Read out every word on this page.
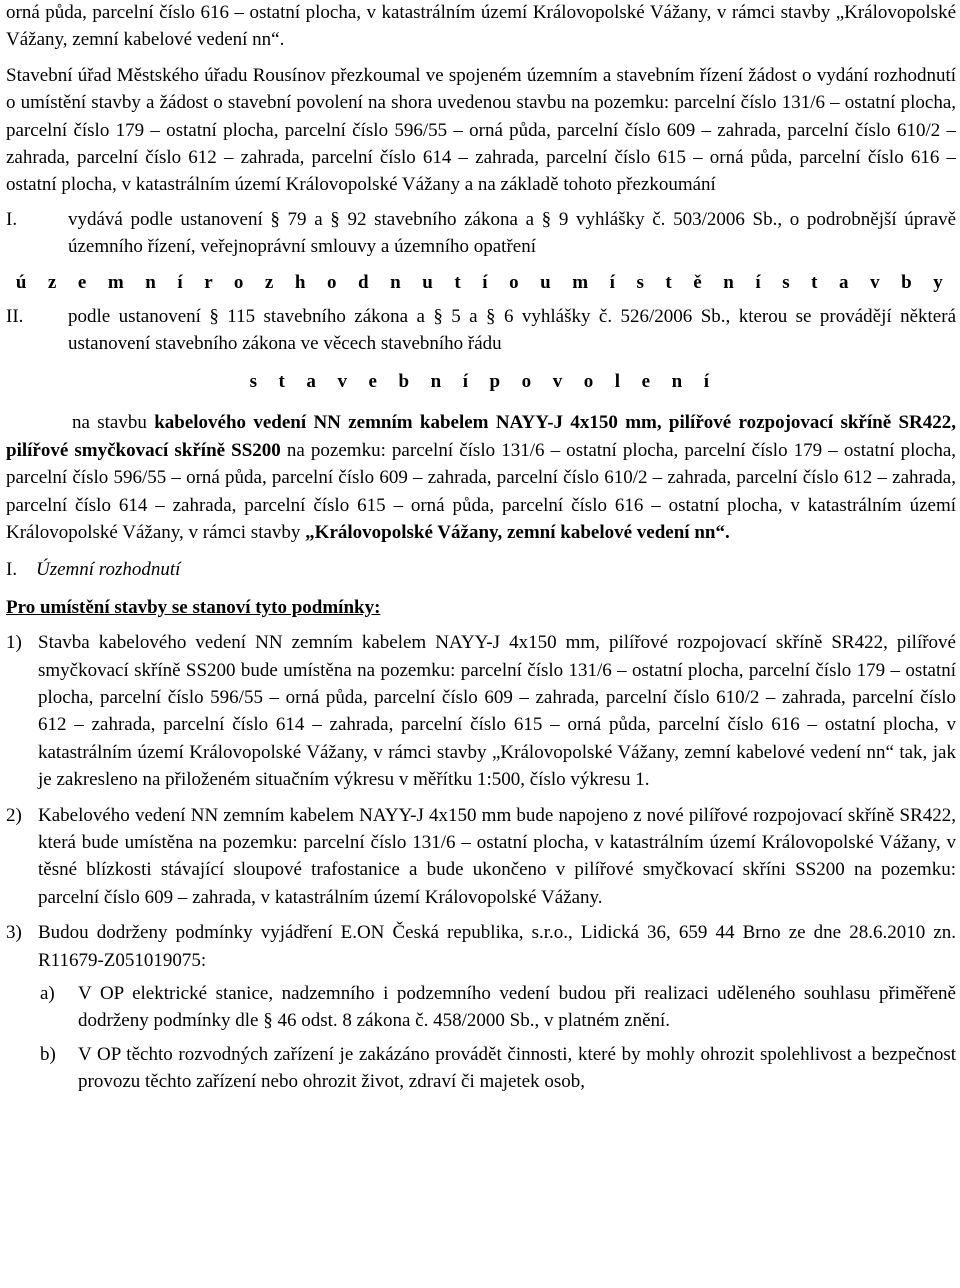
orná půda, parcelní číslo 616 – ostatní plocha, v katastrálním území Královopolské Vážany, v rámci stavby „Královopolské Vážany, zemní kabelové vedení nn“.

Stavební úřad Městského úřadu Rousínov přezkoumal ve spojeném územním a stavebním řízení žádost o vydání rozhodnutí o umístění stavby a žádost o stavební povolení na shora uvedenou stavbu na pozemku: parcelní číslo 131/6 – ostatní plocha, parcelní číslo 179 – ostatní plocha, parcelní číslo 596/55 – orná půda, parcelní číslo 609 – zahrada, parcelní číslo 610/2 – zahrada, parcelní číslo 612 – zahrada, parcelní číslo 614 – zahrada, parcelní číslo 615 – orná půda, parcelní číslo 616 – ostatní plocha, v katastrálním území Královopolské Vážany a na základě tohoto přezkoumání

I.	vydává podle ustanovení § 79 a § 92 stavebního zákona a § 9 vyhlášky č. 503/2006 Sb., o podrobnější úpravě územního řízení, veřejnoprávní smlouvy a územního opatření

ú z e m n í r o z h o d n u t í o u m í s t ě n í s t a v b y

II.	podle ustanovení § 115 stavebního zákona a § 5 a § 6 vyhlášky č. 526/2006 Sb., kterou se provádějí některá ustanovení stavebního zákona ve věcech stavebního řádu

s t a v e b n í p o v o l e n í

na stavbu kabelového vedení NN zemním kabelem NAYY-J 4x150 mm, pilířové rozpojovací skříně SR422, pilířové smyčkovací skříně SS200 na pozemku: parcelní číslo 131/6 – ostatní plocha, parcelní číslo 179 – ostatní plocha, parcelní číslo 596/55 – orná půda, parcelní číslo 609 – zahrada, parcelní číslo 610/2 – zahrada, parcelní číslo 612 – zahrada, parcelní číslo 614 – zahrada, parcelní číslo 615 – orná půda, parcelní číslo 616 – ostatní plocha, v katastrálním území Královopolské Vážany, v rámci stavby „Královopolské Vážany, zemní kabelové vedení nn“.

I. Územní rozhodnutí

Pro umístění stavby se stanoví tyto podmínky:

1) Stavba kabelového vedení NN zemním kabelem NAYY-J 4x150 mm, pilířové rozpojovací skříně SR422, pilířové smyčkovací skříně SS200 bude umístěna na pozemku: parcelní číslo 131/6 – ostatní plocha, parcelní číslo 179 – ostatní plocha, parcelní číslo 596/55 – orná půda, parcelní číslo 609 – zahrada, parcelní číslo 610/2 – zahrada, parcelní číslo 612 – zahrada, parcelní číslo 614 – zahrada, parcelní číslo 615 – orná půda, parcelní číslo 616 – ostatní plocha, v katastrálním území Královopolské Vážany, v rámci stavby „Královopolské Vážany, zemní kabelové vedení nn“ tak, jak je zakresleno na přiloženém situačním výkresu v měřítku 1:500, číslo výkresu 1.
2) Kabelového vedení NN zemním kabelem NAYY-J 4x150 mm bude napojeno z nové pilířové rozpojovací skříně SR422, která bude umístěna na pozemku: parcelní číslo 131/6 – ostatní plocha, v katastrálním území Královopolské Vážany, v těsné blízkosti stávající sloupové trafostanice a bude ukončeno v pilířové smyčkovací skříni SS200 na pozemku: parcelní číslo 609 – zahrada, v katastrálním území Královopolské Vážany.
3) Budou dodrženy podmínky vyjádření E.ON Česká republika, s.r.o., Lidická 36, 659 44 Brno ze dne 28.6.2010 zn. R11679-Z051019075:
a)	V OP elektrické stanice, nadzemního i podzemního vedení budou při realizaci uděleného souhlasu přiměřeně dodrženy podmínky dle § 46 odst. 8 zákona č. 458/2000 Sb., v platném znění.
b)	V OP těchto rozvodných zařízení je zakázáno provádět činnosti, které by mohly ohrozit spolehlivost a bezpečnost provozu těchto zařízení nebo ohrozit život, zdraví či majetek osob,
